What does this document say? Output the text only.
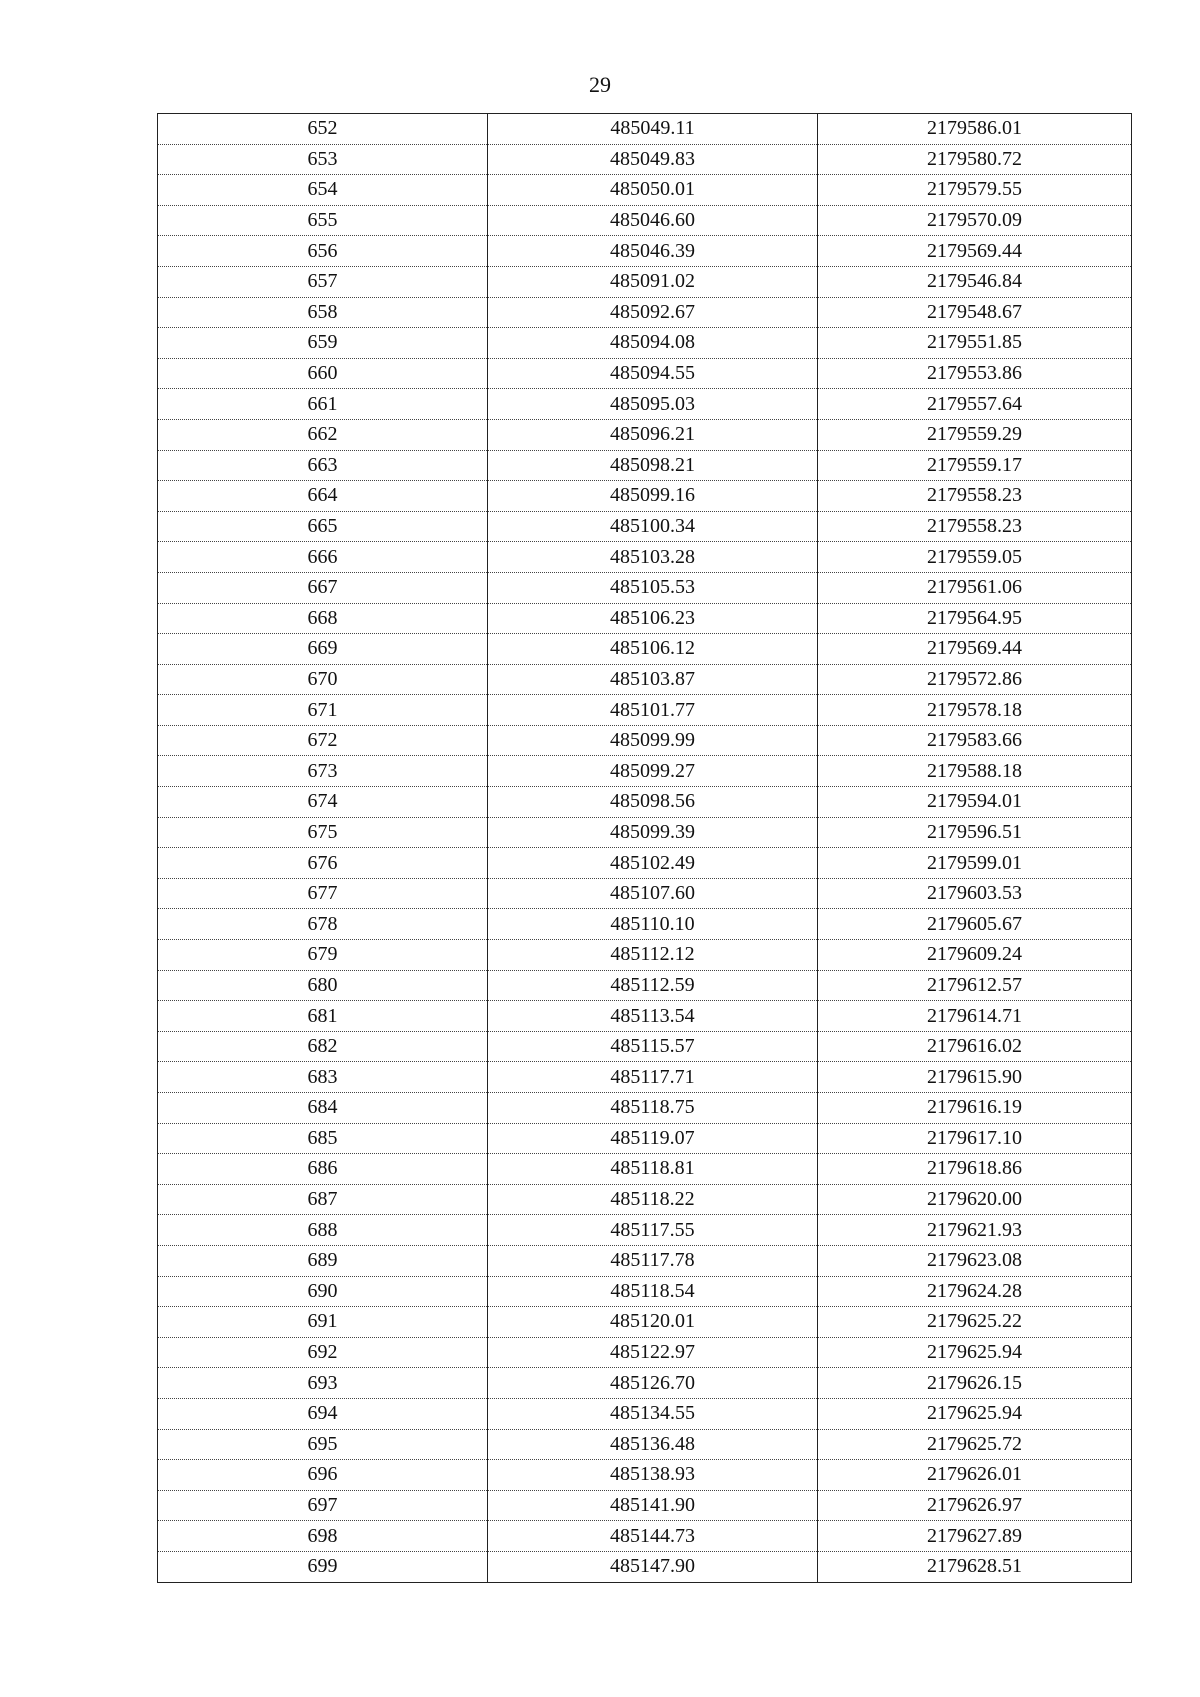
29
652	485049.11	2179586.01
653	485049.83	2179580.72
654	485050.01	2179579.55
655	485046.60	2179570.09
656	485046.39	2179569.44
657	485091.02	2179546.84
658	485092.67	2179548.67
659	485094.08	2179551.85
660	485094.55	2179553.86
661	485095.03	2179557.64
662	485096.21	2179559.29
663	485098.21	2179559.17
664	485099.16	2179558.23
665	485100.34	2179558.23
666	485103.28	2179559.05
667	485105.53	2179561.06
668	485106.23	2179564.95
669	485106.12	2179569.44
670	485103.87	2179572.86
671	485101.77	2179578.18
672	485099.99	2179583.66
673	485099.27	2179588.18
674	485098.56	2179594.01
675	485099.39	2179596.51
676	485102.49	2179599.01
677	485107.60	2179603.53
678	485110.10	2179605.67
679	485112.12	2179609.24
680	485112.59	2179612.57
681	485113.54	2179614.71
682	485115.57	2179616.02
683	485117.71	2179615.90
684	485118.75	2179616.19
685	485119.07	2179617.10
686	485118.81	2179618.86
687	485118.22	2179620.00
688	485117.55	2179621.93
689	485117.78	2179623.08
690	485118.54	2179624.28
691	485120.01	2179625.22
692	485122.97	2179625.94
693	485126.70	2179626.15
694	485134.55	2179625.94
695	485136.48	2179625.72
696	485138.93	2179626.01
697	485141.90	2179626.97
698	485144.73	2179627.89
699	485147.90	2179628.51
